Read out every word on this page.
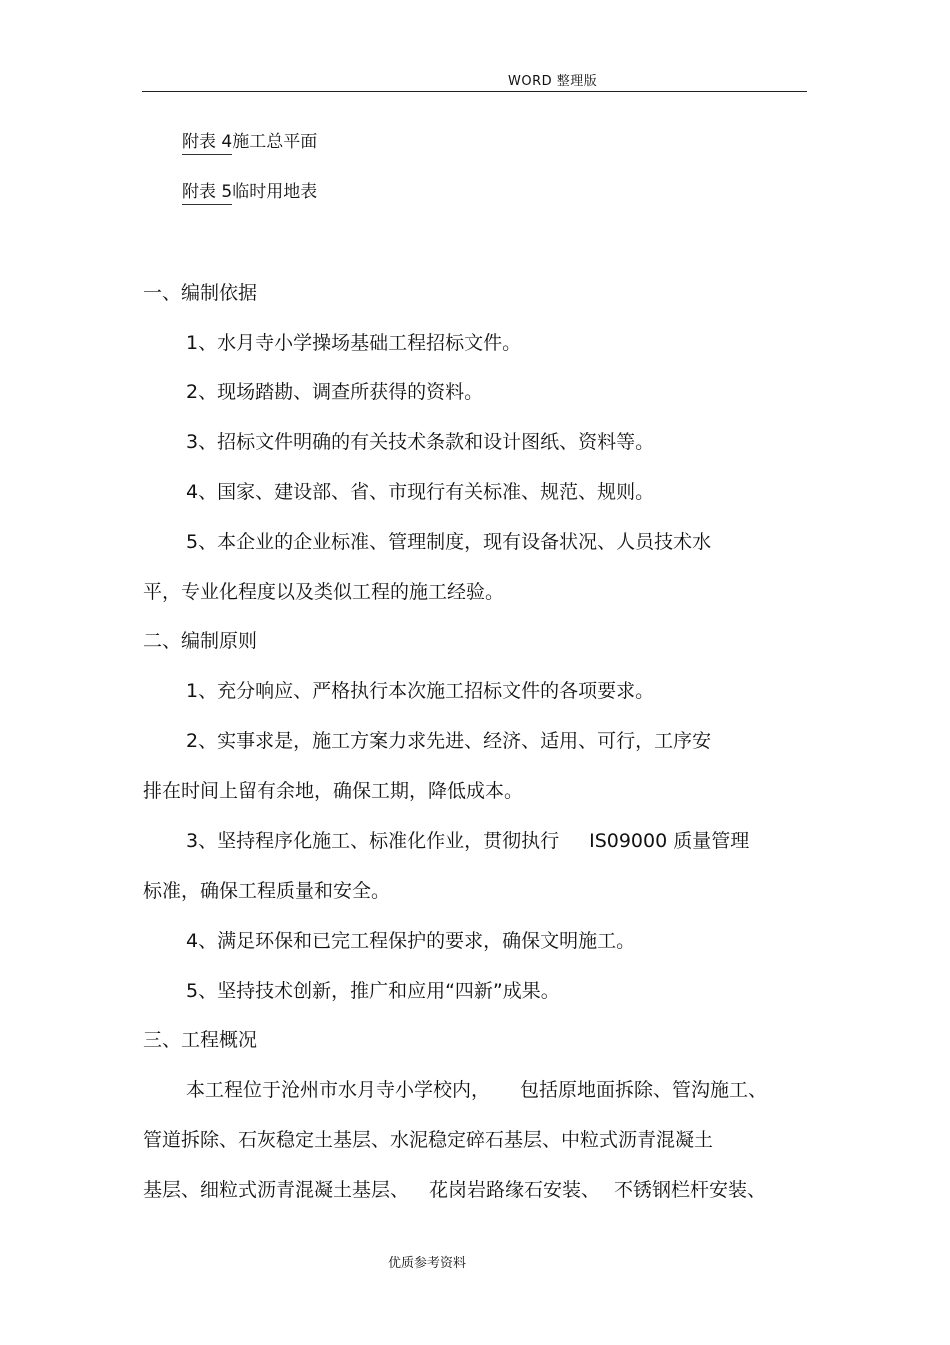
WORD 整理版
附表 4施工总平面
附表 5临时用地表
一、编制依据
1、水月寺小学操场基础工程招标文件。
2、现场踏勘、调查所获得的资料。
3、招标文件明确的有关技术条款和设计图纸、资料等。
4、国家、建设部、省、市现行有关标准、规范、规则。
5、本企业的企业标准、管理制度，现有设备状况、人员技术水
平，专业化程度以及类似工程的施工经验。
二、编制原则
1、充分响应、严格执行本次施工招标文件的各项要求。
2、实事求是，施工方案力求先进、经济、适用、可行，工序安
排在时间上留有余地，确保工期，降低成本。
3、坚持程序化施工、标准化作业，贯彻执行 IS09000 质量管理
标准，确保工程质量和安全。
4、满足环保和已完工程保护的要求，确保文明施工。
5、坚持技术创新，推广和应用“四新”成果。
三、工程概况
本工程位于沧州市水月寺小学校内， 包括原地面拆除、管沟施工、
管道拆除、石灰稳定土基层、水泥稳定碎石基层、中粒式沥青混凝土
基层、细粒式沥青混凝土基层、 花岗岩路缘石安装、 不锈钢栏杆安装、
优质参考资料
